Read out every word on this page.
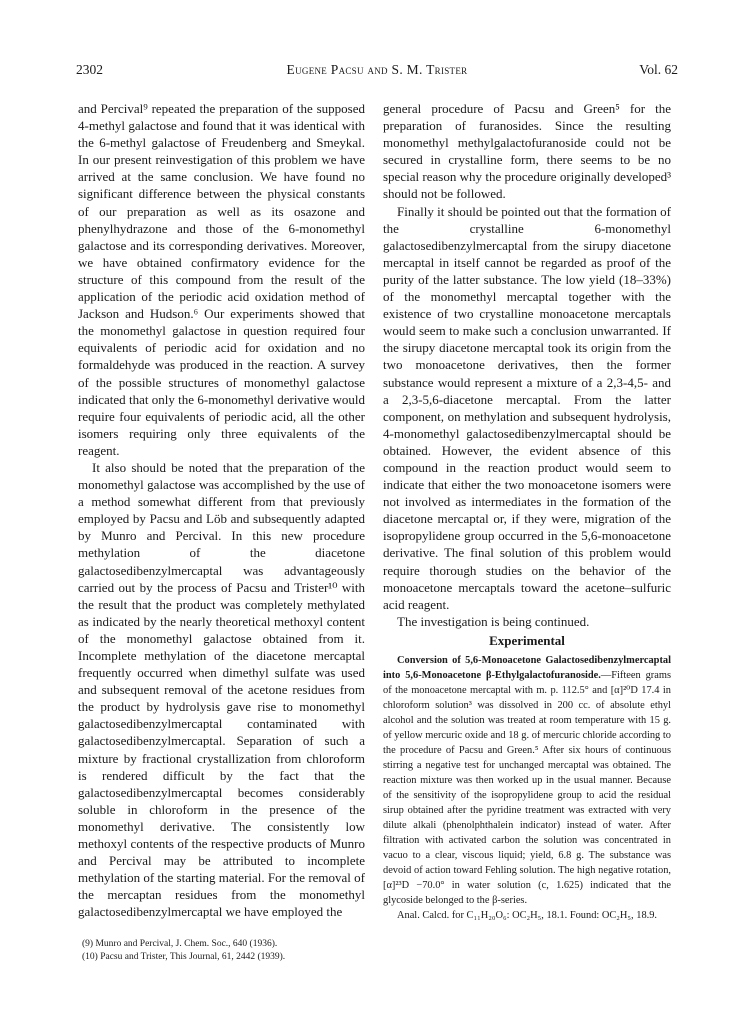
2302	Eugene Pacsu and S. M. Trister	Vol. 62

and Percival⁹ repeated the preparation of the supposed 4-methyl galactose and found that it was identical with the 6-methyl galactose of Freudenberg and Smeykal. In our present reinvestigation of this problem we have arrived at the same conclusion. We have found no significant difference between the physical constants of our preparation as well as its osazone and phenylhydrazone and those of the 6-monomethyl galactose and its corresponding derivatives. Moreover, we have obtained confirmatory evidence for the structure of this compound from the result of the application of the periodic acid oxidation method of Jackson and Hudson.⁶ Our experiments showed that the monomethyl galactose in question required four equivalents of periodic acid for oxidation and no formaldehyde was produced in the reaction. A survey of the possible structures of monomethyl galactose indicated that only the 6-monomethyl derivative would require four equivalents of periodic acid, all the other isomers requiring only three equivalents of the reagent.

It also should be noted that the preparation of the monomethyl galactose was accomplished by the use of a method somewhat different from that previously employed by Pacsu and Löb and subsequently adapted by Munro and Percival. In this new procedure methylation of the diacetone galactosedibenzylmercaptal was advantageously carried out by the process of Pacsu and Trister¹⁰ with the result that the product was completely methylated as indicated by the nearly theoretical methoxyl content of the monomethyl galactose obtained from it. Incomplete methylation of the diacetone mercaptal frequently occurred when dimethyl sulfate was used and subsequent removal of the acetone residues from the product by hydrolysis gave rise to monomethyl galactosedibenzylmercaptal contaminated with galactosedibenzylmercaptal. Separation of such a mixture by fractional crystallization from chloroform is rendered difficult by the fact that the galactosedibenzylmercaptal becomes considerably soluble in chloroform in the presence of the monomethyl derivative. The consistently low methoxyl contents of the respective products of Munro and Percival may be attributed to incomplete methylation of the starting material. For the removal of the mercaptan residues from the monomethyl galactosedibenzylmercaptal we have employed the

general procedure of Pacsu and Green⁵ for the preparation of furanosides. Since the resulting monomethyl methylgalactofuranoside could not be secured in crystalline form, there seems to be no special reason why the procedure originally developed³ should not be followed.

Finally it should be pointed out that the formation of the crystalline 6-monomethyl galactosedibenzylmercaptal from the sirupy diacetone mercaptal in itself cannot be regarded as proof of the purity of the latter substance. The low yield (18–33%) of the monomethyl mercaptal together with the existence of two crystalline monoacetone mercaptals would seem to make such a conclusion unwarranted. If the sirupy diacetone mercaptal took its origin from the two monoacetone derivatives, then the former substance would represent a mixture of a 2,3-4,5- and a 2,3-5,6-diacetone mercaptal. From the latter component, on methylation and subsequent hydrolysis, 4-monomethyl galactosedibenzylmercaptal should be obtained. However, the evident absence of this compound in the reaction product would seem to indicate that either the two monoacetone isomers were not involved as intermediates in the formation of the diacetone mercaptal or, if they were, migration of the isopropylidene group occurred in the 5,6-monoacetone derivative. The final solution of this problem would require thorough studies on the behavior of the monoacetone mercaptals toward the acetone–sulfuric acid reagent.

The investigation is being continued.

Experimental

Conversion of 5,6-Monoacetone Galactosedibenzylmercaptal into 5,6-Monoacetone β-Ethylgalactofuranoside.—Fifteen grams of the monoacetone mercaptal with m. p. 112.5° and [α]²⁰D 17.4 in chloroform solution³ was dissolved in 200 cc. of absolute ethyl alcohol and the solution was treated at room temperature with 15 g. of yellow mercuric oxide and 18 g. of mercuric chloride according to the procedure of Pacsu and Green.⁵ After six hours of continuous stirring a negative test for unchanged mercaptal was obtained. The reaction mixture was then worked up in the usual manner. Because of the sensitivity of the isopropylidene group to acid the residual sirup obtained after the pyridine treatment was extracted with very dilute alkali (phenolphthalein indicator) instead of water. After filtration with activated carbon the solution was concentrated in vacuo to a clear, viscous liquid; yield, 6.8 g. The substance was devoid of action toward Fehling solution. The high negative rotation, [α]²³D −70.0° in water solution (c, 1.625) indicated that the glycoside belonged to the β-series.

Anal. Calcd. for C₁₁H₂₀O₆: OC₂H₅, 18.1. Found: OC₂H₅, 18.9.

(9) Munro and Percival, J. Chem. Soc., 640 (1936).

(10) Pacsu and Trister, This Journal, 61, 2442 (1939).
